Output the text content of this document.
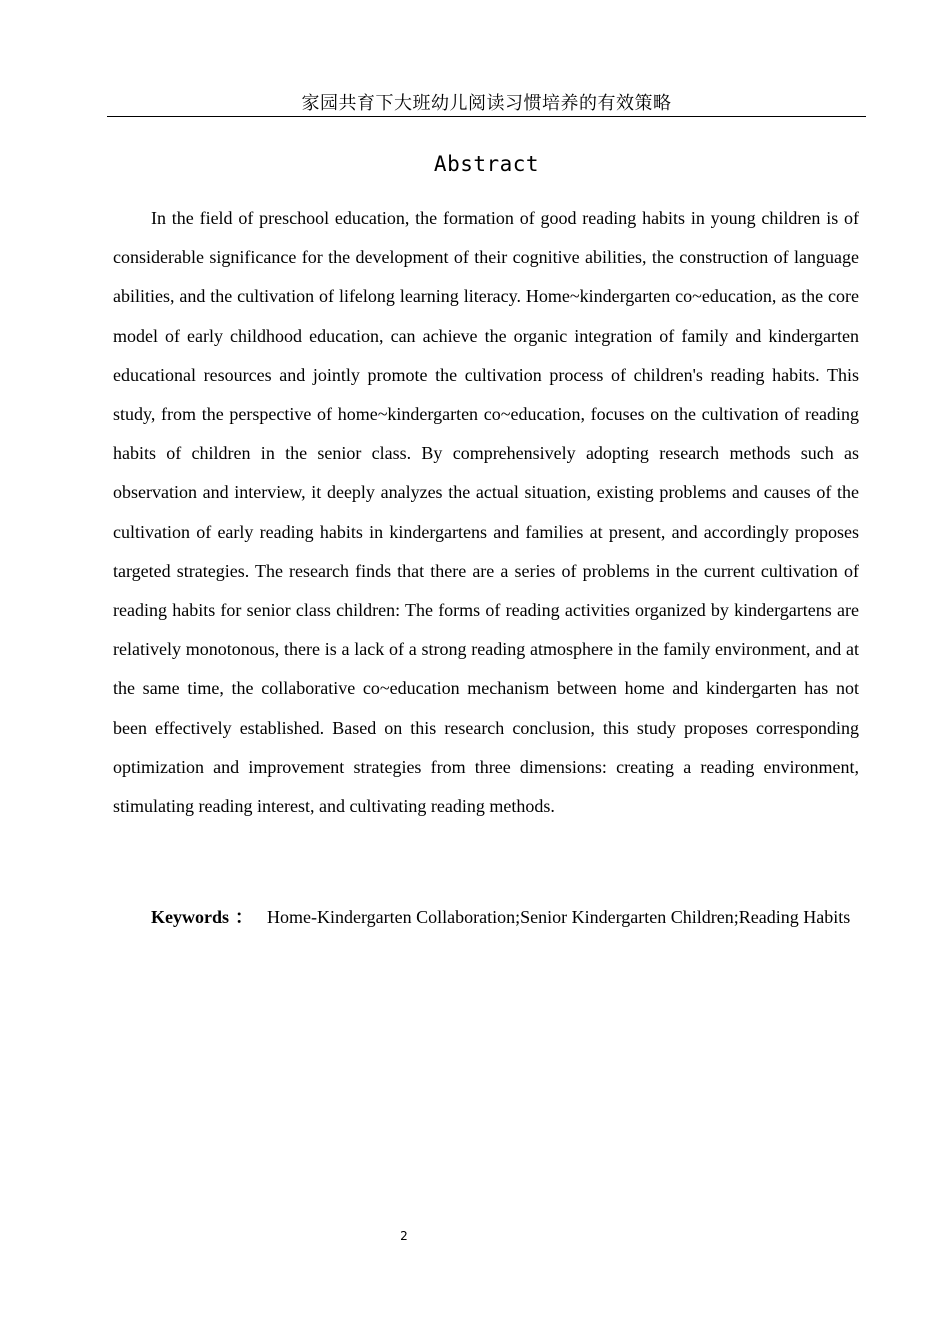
家园共育下大班幼儿阅读习惯培养的有效策略
Abstract

In the field of preschool education, the formation of good reading habits in young children is of considerable significance for the development of their cognitive abilities, the construction of language abilities, and the cultivation of lifelong learning literacy. Home~kindergarten co~education, as the core model of early childhood education, can achieve the organic integration of family and kindergarten educational resources and jointly promote the cultivation process of children's reading habits. This study, from the perspective of home~kindergarten co~education, focuses on the cultivation of reading habits of children in the senior class. By comprehensively adopting research methods such as observation and interview, it deeply analyzes the actual situation, existing problems and causes of the cultivation of early reading habits in kindergartens and families at present, and accordingly proposes targeted strategies. The research finds that there are a series of problems in the current cultivation of reading habits for senior class children: The forms of reading activities organized by kindergartens are relatively monotonous, there is a lack of a strong reading atmosphere in the family environment, and at the same time, the collaborative co~education mechanism between home and kindergarten has not been effectively established. Based on this research conclusion, this study proposes corresponding optimization and improvement strategies from three dimensions: creating a reading environment, stimulating reading interest, and cultivating reading methods.

Keywords ： Home-Kindergarten Collaboration;Senior Kindergarten Children;Reading Habits

2
